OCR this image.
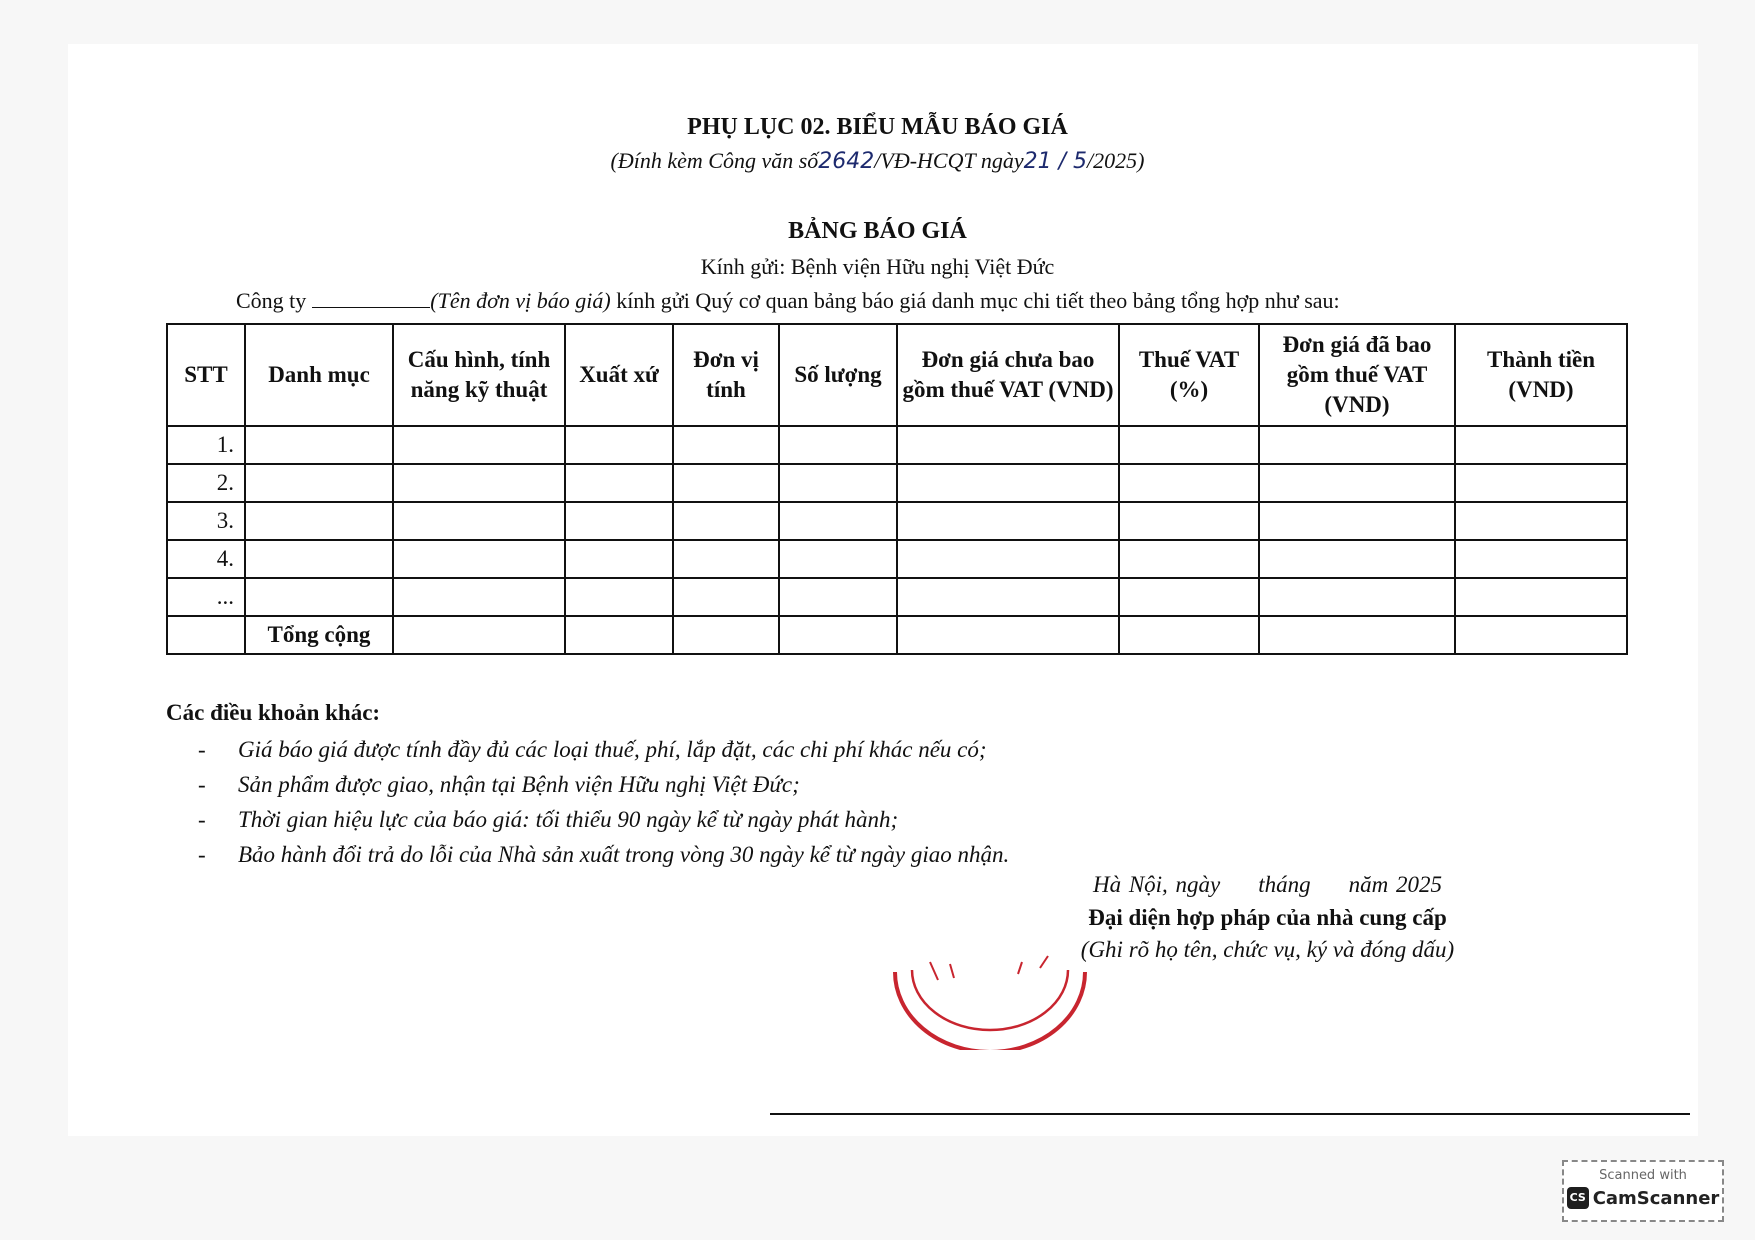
PHỤ LỤC 02. BIỂU MẪU BÁO GIÁ
(Đính kèm Công văn số2642/VĐ-HCQT ngày21 / 5/2025)
BẢNG BÁO GIÁ
Kính gửi: Bệnh viện Hữu nghị Việt Đức
Công ty	(Tên đơn vị báo giá) kính gửi Quý cơ quan bảng báo giá danh mục chi tiết theo bảng tổng hợp như sau:
STT	Danh mục	Cấu hình, tính năng kỹ thuật	Xuất xứ	Đơn vị tính	Số lượng	Đơn giá chưa bao gồm thuế VAT (VND)	Thuế VAT (%)	Đơn giá đã bao gồm thuế VAT (VND)	Thành tiền (VND)
1.									
2.									
3.									
4.									
...									
	Tổng cộng								
Các điều khoản khác:
- Giá báo giá được tính đầy đủ các loại thuế, phí, lắp đặt, các chi phí khác nếu có;
- Sản phẩm được giao, nhận tại Bệnh viện Hữu nghị Việt Đức;
- Thời gian hiệu lực của báo giá: tối thiểu 90 ngày kể từ ngày phát hành;
- Bảo hành đổi trả do lỗi của Nhà sản xuất trong vòng 30 ngày kể từ ngày giao nhận.
Hà Nội, ngày tháng năm 2025
Đại diện hợp pháp của nhà cung cấp
(Ghi rõ họ tên, chức vụ, ký và đóng dấu)
Scanned with
CS CamScanner
